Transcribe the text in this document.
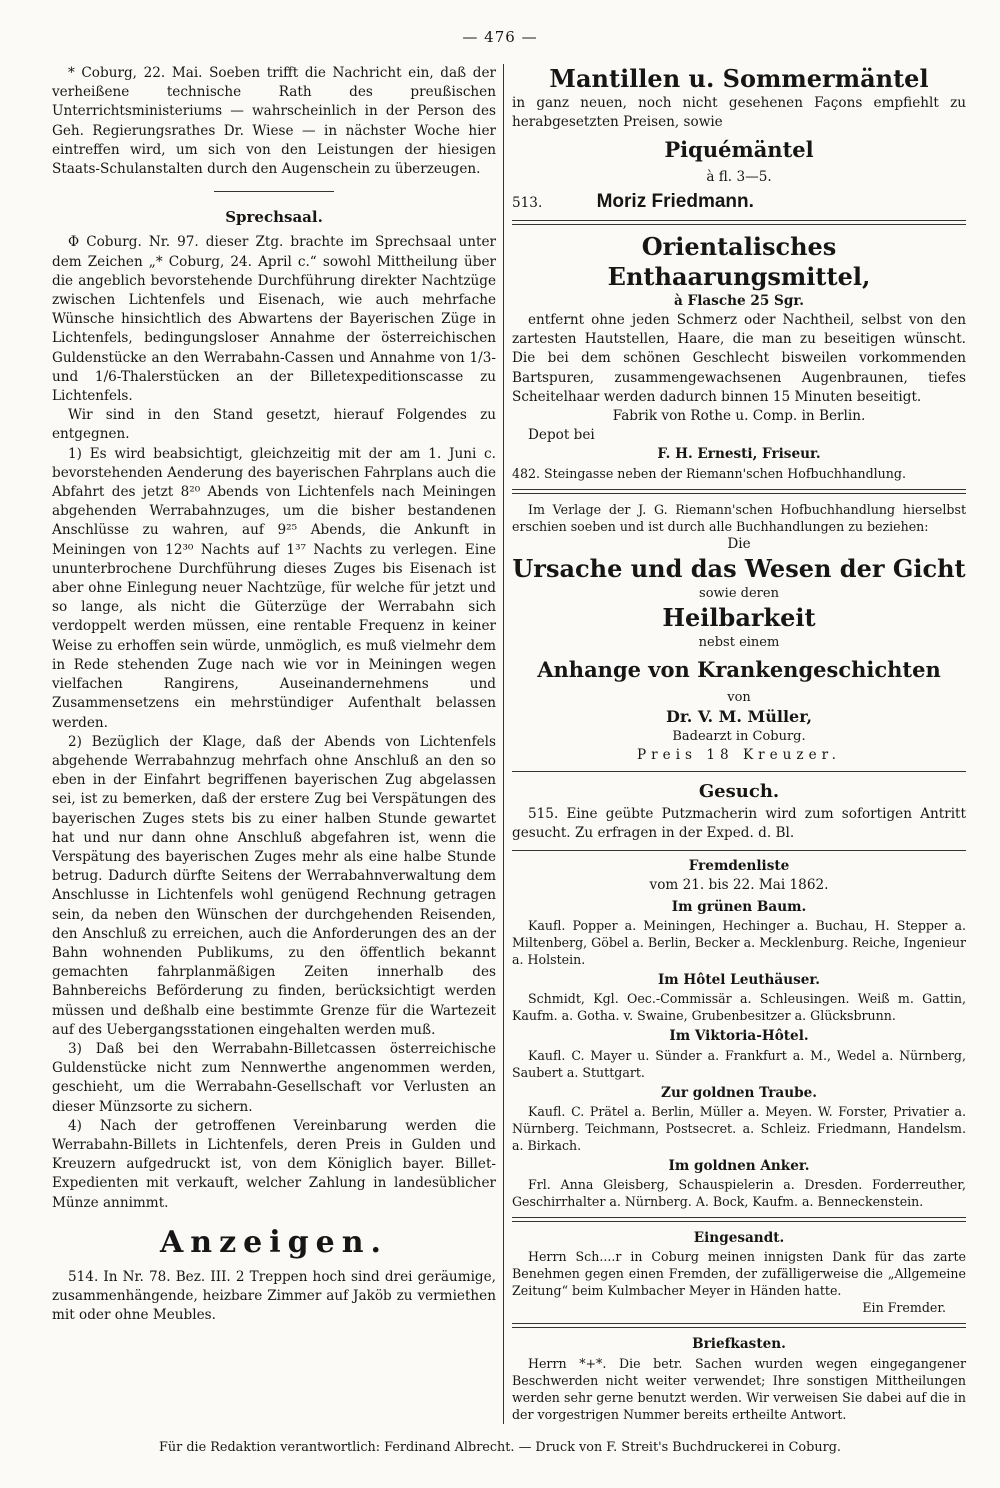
— 476 —

* Coburg, 22. Mai. Soeben trifft die Nachricht ein, daß der verheißene technische Rath des preußischen Unterrichtsministeriums — wahrscheinlich in der Person des Geh. Regierungsrathes Dr. Wiese — in nächster Woche hier eintreffen wird, um sich von den Leistungen der hiesigen Staats-Schulanstalten durch den Augenschein zu überzeugen.

Sprechsaal.

Φ Coburg. Nr. 97. dieser Ztg. brachte im Sprechsaal unter dem Zeichen „* Coburg, 24. April c.“ sowohl Mittheilung über die angeblich bevorstehende Durchführung direkter Nachtzüge zwischen Lichtenfels und Eisenach, wie auch mehrfache Wünsche hinsichtlich des Abwartens der Bayerischen Züge in Lichtenfels, bedingungsloser Annahme der österreichischen Guldenstücke an den Werrabahn-Cassen und Annahme von 1/3- und 1/6-Thalerstücken an der Billetexpeditionscasse zu Lichtenfels.

Wir sind in den Stand gesetzt, hierauf Folgendes zu entgegnen.

1) Es wird beabsichtigt, gleichzeitig mit der am 1. Juni c. bevorstehenden Aenderung des bayerischen Fahrplans auch die Abfahrt des jetzt 8²⁰ Abends von Lichtenfels nach Meiningen abgehenden Werrabahnzuges, um die bisher bestandenen Anschlüsse zu wahren, auf 9²⁵ Abends, die Ankunft in Meiningen von 12³⁰ Nachts auf 1³⁷ Nachts zu verlegen. Eine ununterbrochene Durchführung dieses Zuges bis Eisenach ist aber ohne Einlegung neuer Nachtzüge, für welche für jetzt und so lange, als nicht die Güterzüge der Werrabahn sich verdoppelt werden müssen, eine rentable Frequenz in keiner Weise zu erhoffen sein würde, unmöglich, es muß vielmehr dem in Rede stehenden Zuge nach wie vor in Meiningen wegen vielfachen Rangirens, Auseinandernehmens und Zusammensetzens ein mehrstündiger Aufenthalt belassen werden.

2) Bezüglich der Klage, daß der Abends von Lichtenfels abgehende Werrabahnzug mehrfach ohne Anschluß an den so eben in der Einfahrt begriffenen bayerischen Zug abgelassen sei, ist zu bemerken, daß der erstere Zug bei Verspätungen des bayerischen Zuges stets bis zu einer halben Stunde gewartet hat und nur dann ohne Anschluß abgefahren ist, wenn die Verspätung des bayerischen Zuges mehr als eine halbe Stunde betrug. Dadurch dürfte Seitens der Werrabahnverwaltung dem Anschlusse in Lichtenfels wohl genügend Rechnung getragen sein, da neben den Wünschen der durchgehenden Reisenden, den Anschluß zu erreichen, auch die Anforderungen des an der Bahn wohnenden Publikums, zu den öffentlich bekannt gemachten fahrplanmäßigen Zeiten innerhalb des Bahnbereichs Beförderung zu finden, berücksichtigt werden müssen und deßhalb eine bestimmte Grenze für die Wartezeit auf des Uebergangsstationen eingehalten werden muß.

3) Daß bei den Werrabahn-Billetcassen österreichische Guldenstücke nicht zum Nennwerthe angenommen werden, geschieht, um die Werrabahn-Gesellschaft vor Verlusten an dieser Münzsorte zu sichern.

4) Nach der getroffenen Vereinbarung werden die Werrabahn-Billets in Lichtenfels, deren Preis in Gulden und Kreuzern aufgedruckt ist, von dem Königlich bayer. Billet-Expedienten mit verkauft, welcher Zahlung in landesüblicher Münze annimmt.

Anzeigen.

514. In Nr. 78. Bez. III. 2 Treppen hoch sind drei geräumige, zusammenhängende, heizbare Zimmer auf Jaköb zu vermiethen mit oder ohne Meubles.

Mantillen u. Sommermäntel

in ganz neuen, noch nicht gesehenen Façons empfiehlt zu herabgesetzten Preisen, sowie

Piquémäntel
à fl. 3—5.
513.	Moriz Friedmann.
Orientalisches Enthaarungsmittel,
à Flasche 25 Sgr.

entfernt ohne jeden Schmerz oder Nachtheil, selbst von den zartesten Hautstellen, Haare, die man zu beseitigen wünscht. Die bei dem schönen Geschlecht bisweilen vorkommenden Bartspuren, zusammengewachsenen Augenbraunen, tiefes Scheitelhaar werden dadurch binnen 15 Minuten beseitigt.

Fabrik von Rothe u. Comp. in Berlin.
Depot bei
F. H. Ernesti, Friseur.
482. Steingasse neben der Riemann'schen Hofbuchhandlung.

Im Verlage der J. G. Riemann'schen Hofbuchhandlung hierselbst erschien soeben und ist durch alle Buchhandlungen zu beziehen:

Die
Ursache und das Wesen der Gicht
sowie deren
Heilbarkeit
nebst einem
Anhange von Krankengeschichten
von
Dr. V. M. Müller,
Badearzt in Coburg.
Preis 18 Kreuzer.
Gesuch.

515. Eine geübte Putzmacherin wird zum sofortigen Antritt gesucht. Zu erfragen in der Exped. d. Bl.

Fremdenliste
vom 21. bis 22. Mai 1862.
Im grünen Baum.

Kaufl. Popper a. Meiningen, Hechinger a. Buchau, H. Stepper a. Miltenberg, Göbel a. Berlin, Becker a. Mecklenburg. Reiche, Ingenieur a. Holstein.

Im Hôtel Leuthäuser.

Schmidt, Kgl. Oec.-Commissär a. Schleusingen. Weiß m. Gattin, Kaufm. a. Gotha. v. Swaine, Grubenbesitzer a. Glücksbrunn.

Im Viktoria-Hôtel.

Kaufl. C. Mayer u. Sünder a. Frankfurt a. M., Wedel a. Nürnberg, Saubert a. Stuttgart.

Zur goldnen Traube.

Kaufl. C. Prätel a. Berlin, Müller a. Meyen. W. Forster, Privatier a. Nürnberg. Teichmann, Postsecret. a. Schleiz. Friedmann, Handelsm. a. Birkach.

Im goldnen Anker.

Frl. Anna Gleisberg, Schauspielerin a. Dresden. Forderreuther, Geschirrhalter a. Nürnberg. A. Bock, Kaufm. a. Benneckenstein.

Eingesandt.

Herrn Sch....r in Coburg meinen innigsten Dank für das zarte Benehmen gegen einen Fremden, der zufälligerweise die „Allgemeine Zeitung“ beim Kulmbacher Meyer in Händen hatte.

Ein Fremder.
Briefkasten.

Herrn *+*. Die betr. Sachen wurden wegen eingegangener Beschwerden nicht weiter verwendet; Ihre sonstigen Mittheilungen werden sehr gerne benutzt werden. Wir verweisen Sie dabei auf die in der vorgestrigen Nummer bereits ertheilte Antwort.

Für die Redaktion verantwortlich: Ferdinand Albrecht. — Druck von F. Streit's Buchdruckerei in Coburg.
